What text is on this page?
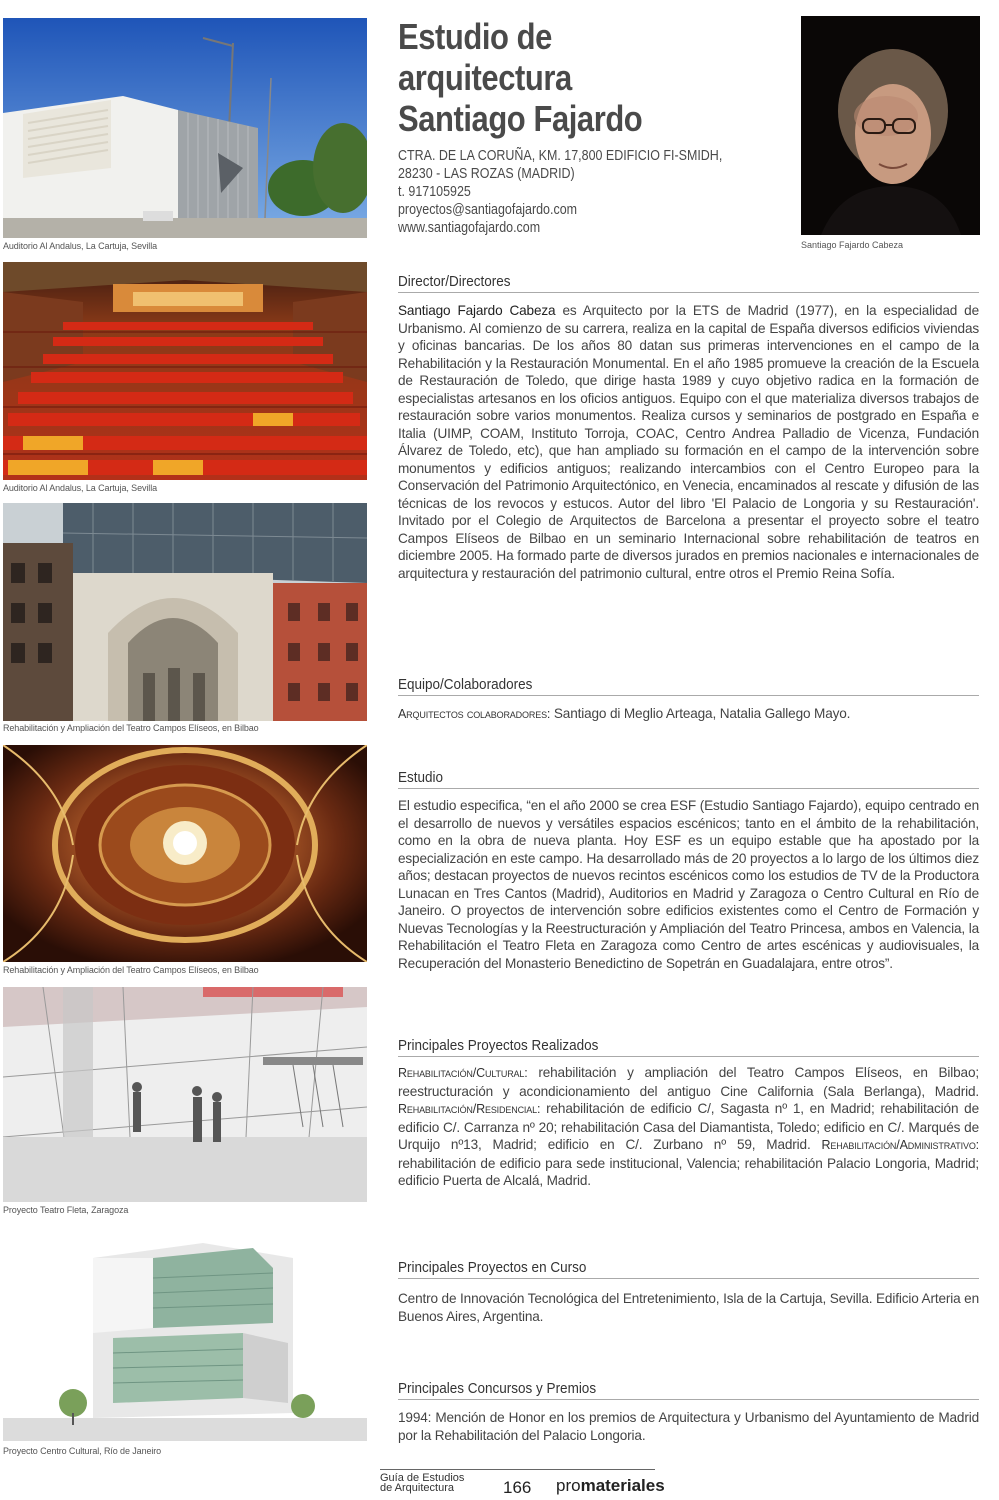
Auditorio Al Andalus, La Cartuja, Sevilla
Auditorio Al Andalus, La Cartuja, Sevilla
Rehabilitación y Ampliación del Teatro Campos Elíseos, en Bilbao
Rehabilitación y Ampliación del Teatro Campos Elíseos, en Bilbao
Proyecto Teatro Fleta, Zaragoza
Proyecto Centro Cultural, Río de Janeiro
Estudio de arquitectura
Santiago Fajardo
CTRA. DE LA CORUÑA, KM. 17,800 EDIFICIO FI-SMIDH,
28230 - LAS ROZAS (MADRID)
t. 917105925
proyectos@santiagofajardo.com
www.santiagofajardo.com
Santiago Fajardo Cabeza
Director/Directores
Santiago Fajardo Cabeza es Arquitecto por la ETS de Madrid (1977), en la especialidad de Urbanismo. Al comienzo de su carrera, realiza en la capital de España diversos edificios viviendas y oficinas bancarias. De los años 80 datan sus primeras intervenciones en el campo de la Rehabilitación y la Restauración Monumental. En el año 1985 promueve la creación de la Escuela de Restauración de Toledo, que dirige hasta 1989 y cuyo objetivo radica en la formación de especialistas artesanos en los oficios antiguos. Equipo con el que materializa diversos trabajos de restauración sobre varios monumentos. Realiza cursos y seminarios de postgrado en España e Italia (UIMP, COAM, Instituto Torroja, COAC, Centro Andrea Palladio de Vicenza, Fundación Álvarez de Toledo, etc), que han ampliado su formación en el campo de la intervención sobre monumentos y edificios antiguos; realizando intercambios con el Centro Europeo para la Conservación del Patrimonio Arquitectónico, en Venecia, encaminados al rescate y difusión de las técnicas de los revocos y estucos. Autor del libro 'El Palacio de Longoria y su Restauración'. Invitado por el Colegio de Arquitectos de Barcelona a presentar el proyecto sobre el teatro Campos Elíseos de Bilbao en un seminario Internacional sobre rehabilitación de teatros en diciembre 2005. Ha formado parte de diversos jurados en premios nacionales e internacionales de arquitectura y restauración del patrimonio cultural, entre otros el Premio Reina Sofía.
Equipo/Colaboradores
Arquitectos colaboradores: Santiago di Meglio Arteaga, Natalia Gallego Mayo.
Estudio
El estudio especifica, “en el año 2000 se crea ESF (Estudio Santiago Fajardo), equipo centrado en el desarrollo de nuevos y versátiles espacios escénicos; tanto en el ámbito de la rehabilitación, como en la obra de nueva planta. Hoy ESF es un equipo estable que ha apostado por la especialización en este campo. Ha desarrollado más de 20 proyectos a lo largo de los últimos diez años; destacan proyectos de nuevos recintos escénicos como los estudios de TV de la Productora Lunacan en Tres Cantos (Madrid), Auditorios en Madrid y Zaragoza o Centro Cultural en Río de Janeiro. O proyectos de intervención sobre edificios existentes como el Centro de Formación y Nuevas Tecnologías y la Reestructuración y Ampliación del Teatro Princesa, ambos en Valencia, la Rehabilitación el Teatro Fleta en Zaragoza como Centro de artes escénicas y audiovisuales, la Recuperación del Monasterio Benedictino de Sopetrán en Guadalajara, entre otros”.
Principales Proyectos Realizados
Rehabilitación/Cultural: rehabilitación y ampliación del Teatro Campos Elíseos, en Bilbao; reestructuración y acondicionamiento del antiguo Cine California (Sala Berlanga), Madrid. Rehabilitación/Residencial: rehabilitación de edificio C/, Sagasta nº 1, en Madrid; rehabilitación de edificio C/. Carranza nº 20; rehabilitación Casa del Diamantista, Toledo; edificio en C/. Marqués de Urquijo nº13, Madrid; edificio en C/. Zurbano nº 59, Madrid. Rehabilitación/Administrativo: rehabilitación de edificio para sede institucional, Valencia; rehabilitación Palacio Longoria, Madrid; edificio Puerta de Alcalá, Madrid.
Principales Proyectos en Curso
Centro de Innovación Tecnológica del Entretenimiento, Isla de la Cartuja, Sevilla. Edificio Arteria en Buenos Aires, Argentina.
Principales Concursos y Premios
1994: Mención de Honor en los premios de Arquitectura y Urbanismo del Ayuntamiento de Madrid por la Rehabilitación del Palacio Longoria.
Guía de Estudios
de Arquitectura	166 promateriales
